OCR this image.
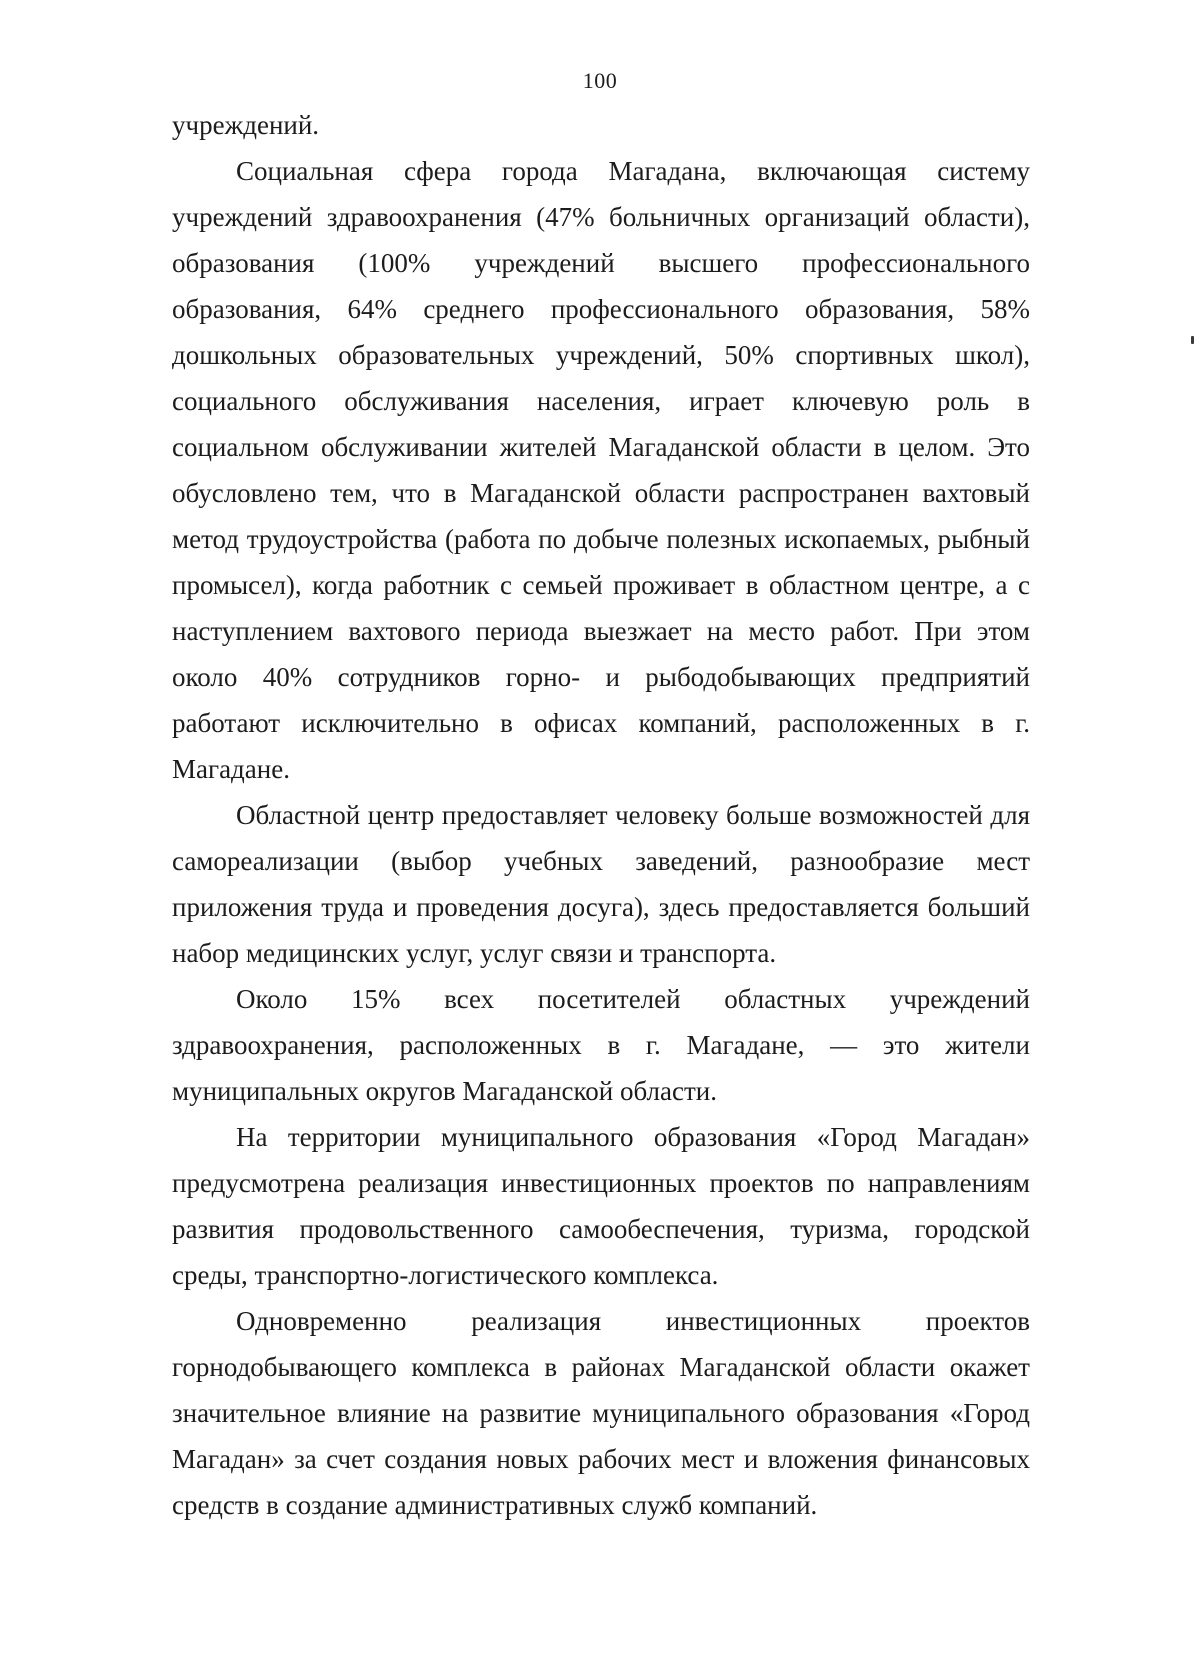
100

учреждений.

Социальная сфера города Магадана, включающая систему учреждений здравоохранения (47% больничных организаций области), образования (100% учреждений высшего профессионального образования, 64% среднего профессионального образования, 58% дошкольных образовательных учреждений, 50% спортивных школ), социального обслуживания населения, играет ключевую роль в социальном обслуживании жителей Магаданской области в целом. Это обусловлено тем, что в Магаданской области распространен вахтовый метод трудоустройства (работа по добыче полезных ископаемых, рыбный промысел), когда работник с семьей проживает в областном центре, а с наступлением вахтового периода выезжает на место работ. При этом около 40% сотрудников горно- и рыбодобывающих предприятий работают исключительно в офисах компаний, расположенных в г. Магадане.

Областной центр предоставляет человеку больше возможностей для самореализации (выбор учебных заведений, разнообразие мест приложения труда и проведения досуга), здесь предоставляется больший набор медицинских услуг, услуг связи и транспорта.

Около 15% всех посетителей областных учреждений здравоохранения, расположенных в г. Магадане, — это жители муниципальных округов Магаданской области.

На территории муниципального образования «Город Магадан» предусмотрена реализация инвестиционных проектов по направлениям развития продовольственного самообеспечения, туризма, городской среды, транспортно-логистического комплекса.

Одновременно реализация инвестиционных проектов горнодобывающего комплекса в районах Магаданской области окажет значительное влияние на развитие муниципального образования «Город Магадан» за счет создания новых рабочих мест и вложения финансовых средств в создание административных служб компаний.
